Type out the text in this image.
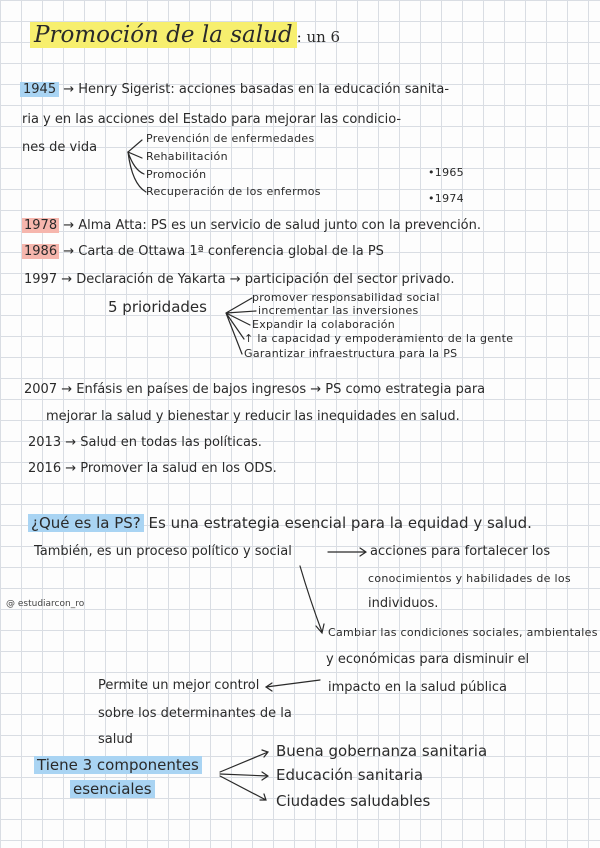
Promoción de la salud : un 6
1945 → Henry Sigerist: acciones basadas en la educación sanita-
ria y en las acciones del Estado para mejorar las condicio-
nes de vida
Prevención de enfermedades
Rehabilitación
Promoción
Recuperación de los enfermos
•1965
•1974
1978 → Alma Atta: PS es un servicio de salud junto con la prevención.
1986 → Carta de Ottawa 1ª conferencia global de la PS
1997 → Declaración de Yakarta → participación del sector privado.
5 prioridades
promover responsabilidad social
incrementar las inversiones
Expandir la colaboración
↑ la capacidad y empoderamiento de la gente
Garantizar infraestructura para la PS
2007 → Enfásis en países de bajos ingresos → PS como estrategia para
mejorar la salud y bienestar y reducir las inequidades en salud.
2013 → Salud en todas las políticas.
2016 → Promover la salud en los ODS.
¿Qué es la PS? Es una estrategia esencial para la equidad y salud.
También, es un proceso político y social	acciones para fortalecer los
conocimientos y habilidades de los
individuos.
Cambiar las condiciones sociales, ambientales
y económicas para disminuir el
impacto en la salud pública
Permite un mejor control
sobre los determinantes de la
salud
@ estudiarcon_ro
Tiene 3 componentes
esenciales
Buena gobernanza sanitaria
Educación sanitaria
Ciudades saludables
